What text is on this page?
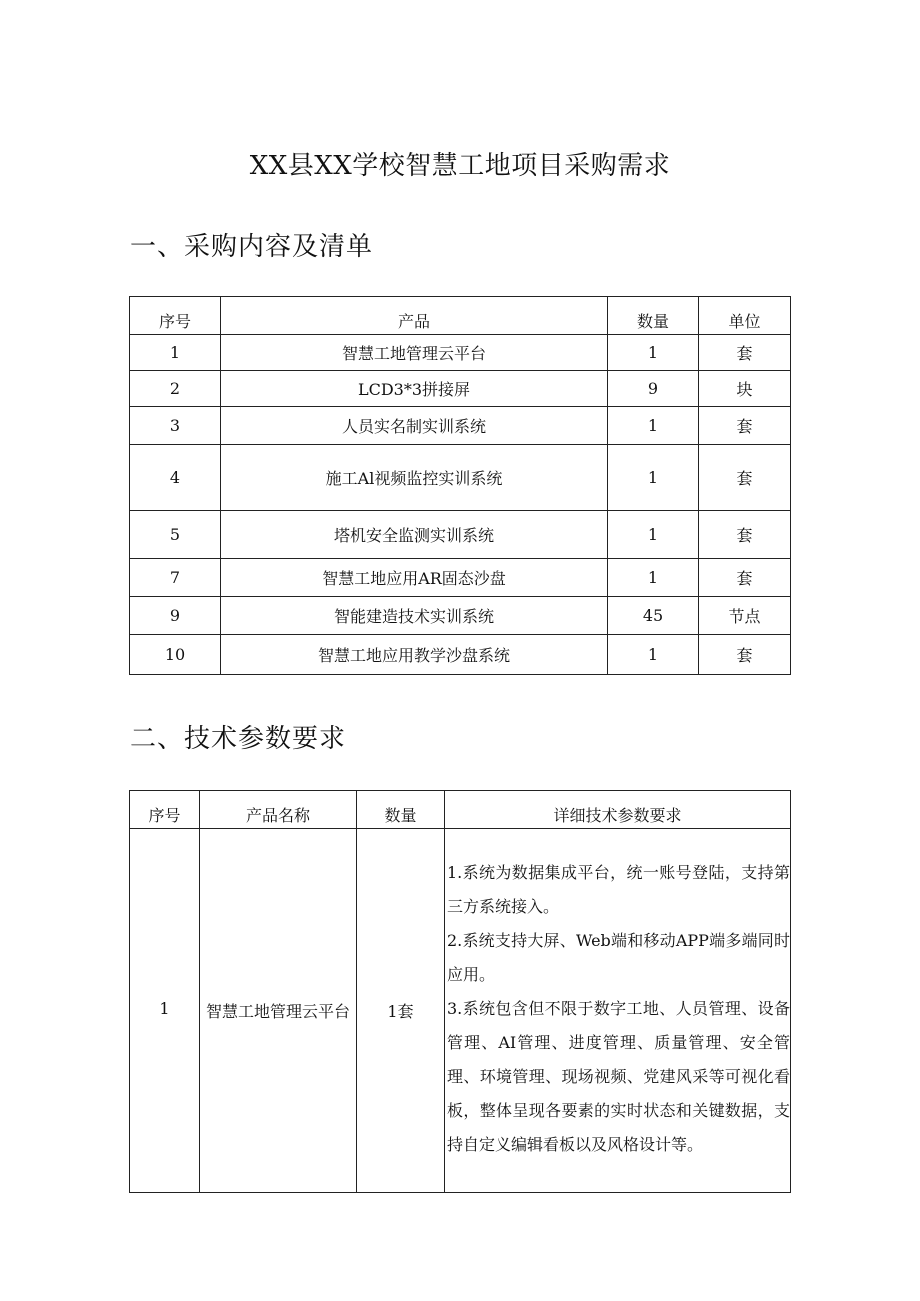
XX县XX学校智慧工地项目采购需求
一、采购内容及清单
序号	产品	数量	单位
1	智慧工地管理云平台	1	套
2	LCD3*3拼接屏	9	块
3	人员实名制实训系统	1	套
4	施工Al视频监控实训系统	1	套
5	塔机安全监测实训系统	1	套
7	智慧工地应用AR固态沙盘	1	套
9	智能建造技术实训系统	45	节点
10	智慧工地应用教学沙盘系统	1	套
二、技术参数要求
序号	产品名称	数量	详细技术参数要求
1	智慧工地管理云平台	1套	1.系统为数据集成平台，统一账号登陆，支持第三方系统接入。

2.系统支持大屏、Web端和移动APP端多端同时应用。

3.系统包含但不限于数字工地、人员管理、设备管理、AI管理、进度管理、质量管理、安全管理、环境管理、现场视频、党建风采等可视化看板，整体呈现各要素的实时状态和关键数据，支持自定义编辑看板以及风格设计等。
